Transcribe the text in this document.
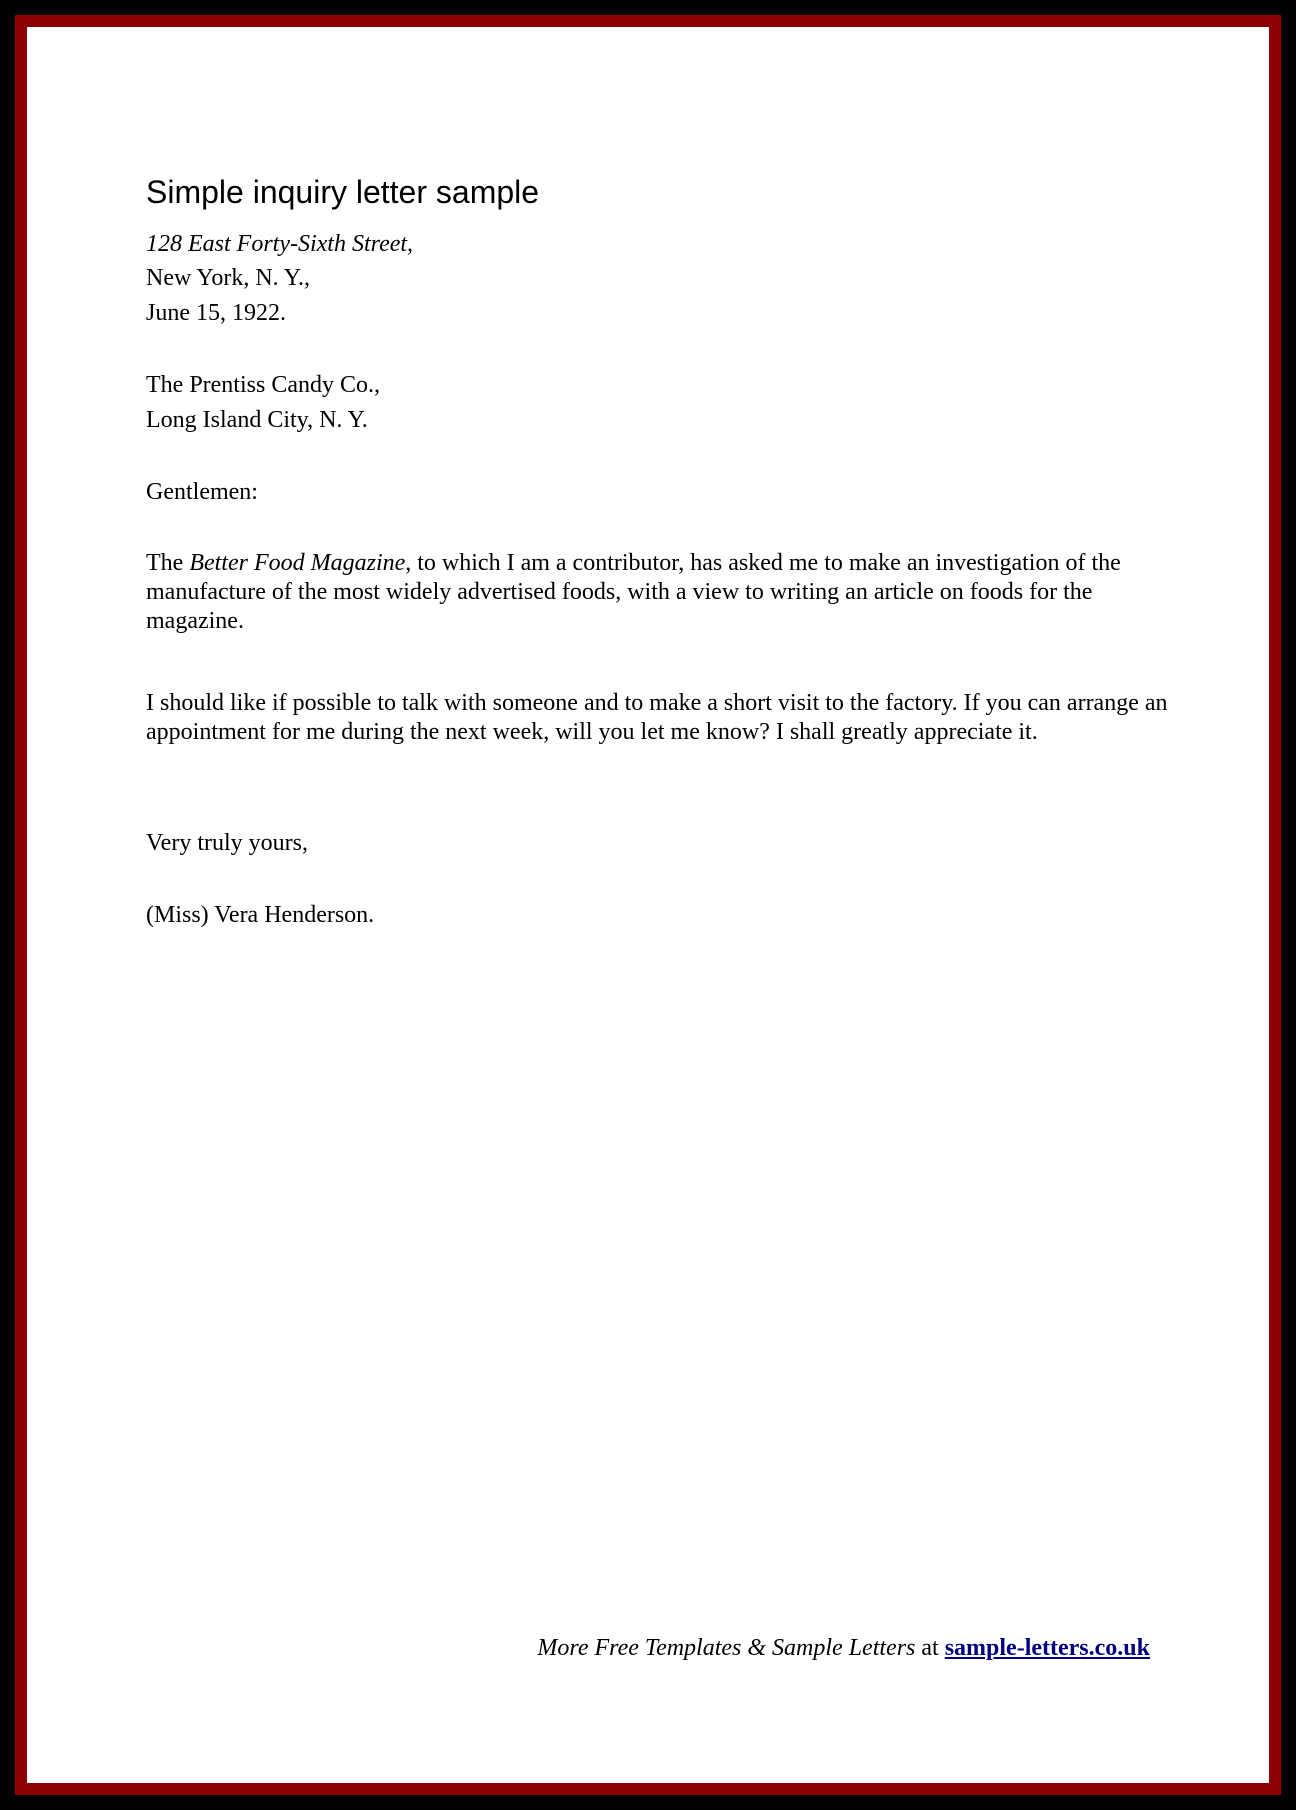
Simple inquiry letter sample
128 East Forty-Sixth Street,
New York, N. Y.,
June 15, 1922.
The Prentiss Candy Co.,
Long Island City, N. Y.
Gentlemen:
The Better Food Magazine, to which I am a contributor, has asked me to make an investigation of the manufacture of the most widely advertised foods, with a view to writing an article on foods for the magazine.
I should like if possible to talk with someone and to make a short visit to the factory. If you can arrange an appointment for me during the next week, will you let me know? I shall greatly appreciate it.
Very truly yours,
(Miss) Vera Henderson.
More Free Templates & Sample Letters at sample-letters.co.uk
